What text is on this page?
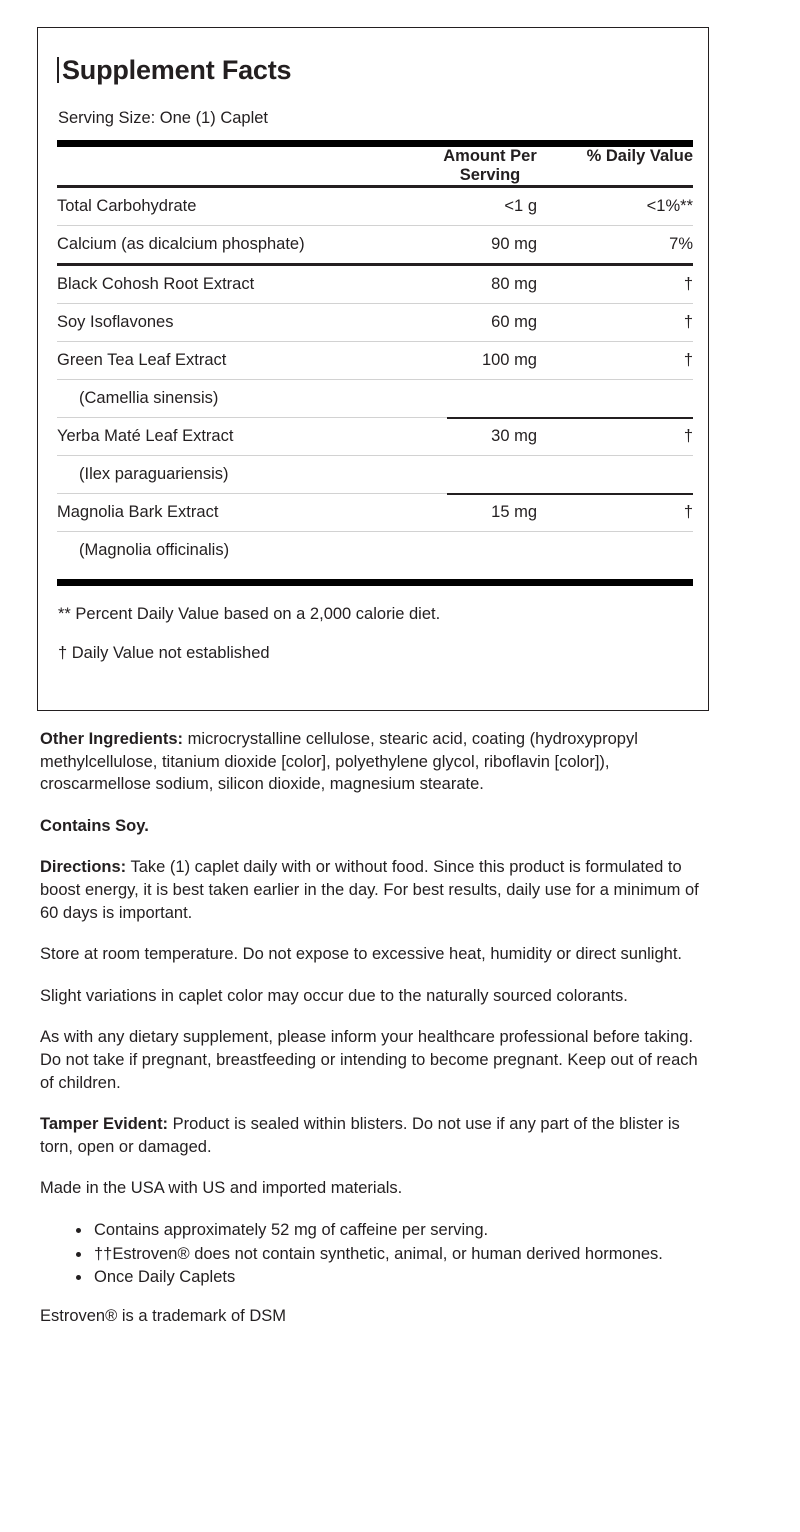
Supplement Facts
Serving Size: One (1) Caplet
	Amount Per Serving	% Daily Value

Total Carbohydrate	<1 g	<1%**

Calcium (as dicalcium phosphate)	90 mg	7%

Black Cohosh Root Extract	80 mg	†

Soy Isoflavones	60 mg	†

Green Tea Leaf Extract	100 mg	†

(Camellia sinensis)		

Yerba Maté Leaf Extract	30 mg	†

(Ilex paraguariensis)		

Magnolia Bark Extract	15 mg	†

(Magnolia officinalis)		

** Percent Daily Value based on a 2,000 calorie diet.

† Daily Value not established

Other Ingredients: microcrystalline cellulose, stearic acid, coating (hydroxypropyl methylcellulose, titanium dioxide [color], polyethylene glycol, riboflavin [color]), croscarmellose sodium, silicon dioxide, magnesium stearate.

Contains Soy.

Directions: Take (1) caplet daily with or without food. Since this product is formulated to boost energy, it is best taken earlier in the day. For best results, daily use for a minimum of 60 days is important.

Store at room temperature. Do not expose to excessive heat, humidity or direct sunlight.

Slight variations in caplet color may occur due to the naturally sourced colorants.

As with any dietary supplement, please inform your healthcare professional before taking. Do not take if pregnant, breastfeeding or intending to become pregnant. Keep out of reach of children.

Tamper Evident: Product is sealed within blisters. Do not use if any part of the blister is torn, open or damaged.

Made in the USA with US and imported materials.

• Contains approximately 52 mg of caffeine per serving.
• ††Estroven® does not contain synthetic, animal, or human derived hormones.
• Once Daily Caplets

Estroven® is a trademark of DSM
